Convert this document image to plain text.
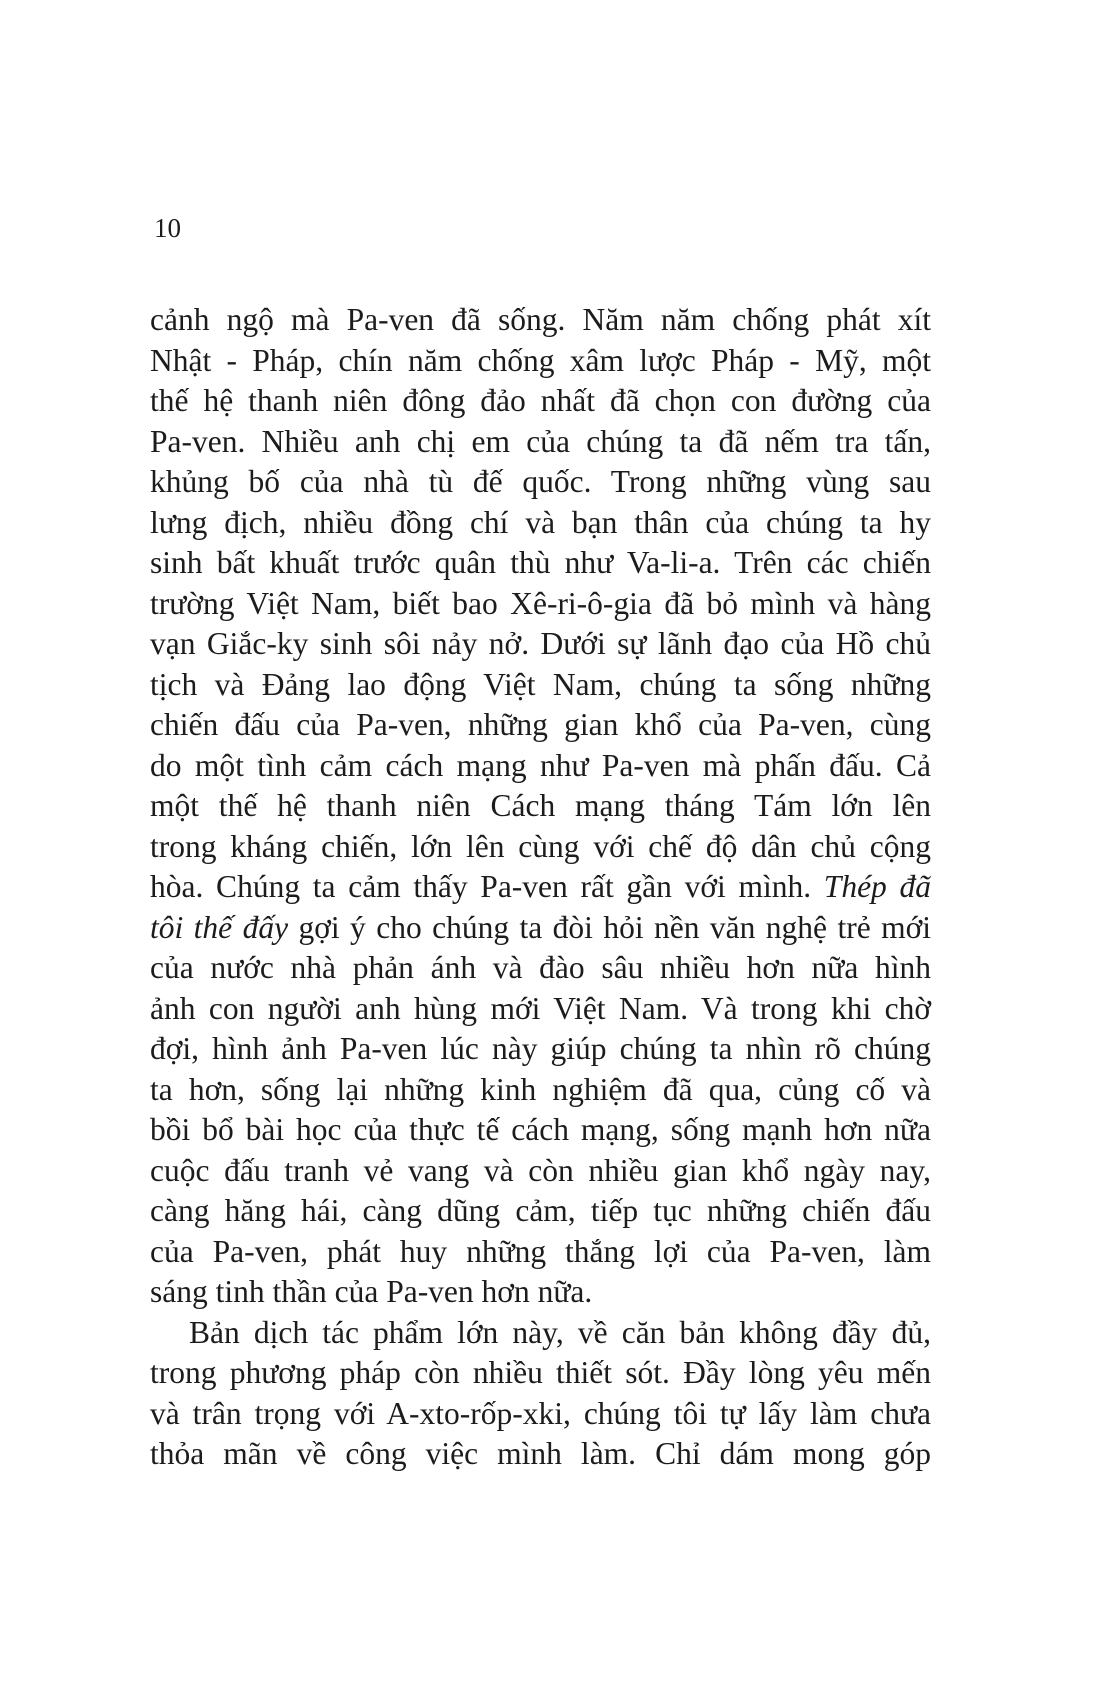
10

cảnh ngộ mà Pa-ven đã sống. Năm năm chống phát xít
Nhật - Pháp, chín năm chống xâm lược Pháp - Mỹ, một
thế hệ thanh niên đông đảo nhất đã chọn con đường của
Pa-ven. Nhiều anh chị em của chúng ta đã nếm tra tấn,
khủng bố của nhà tù đế quốc. Trong những vùng sau
lưng địch, nhiều đồng chí và bạn thân của chúng ta hy
sinh bất khuất trước quân thù như Va-li-a. Trên các chiến
trường Việt Nam, biết bao Xê-ri-ô-gia đã bỏ mình và hàng
vạn Giắc-ky sinh sôi nảy nở. Dưới sự lãnh đạo của Hồ chủ
tịch và Đảng lao động Việt Nam, chúng ta sống những
chiến đấu của Pa-ven, những gian khổ của Pa-ven, cùng
do một tình cảm cách mạng như Pa-ven mà phấn đấu. Cả
một thế hệ thanh niên Cách mạng tháng Tám lớn lên
trong kháng chiến, lớn lên cùng với chế độ dân chủ cộng
hòa. Chúng ta cảm thấy Pa-ven rất gần với mình. Thép đã
tôi thế đấy gợi ý cho chúng ta đòi hỏi nền văn nghệ trẻ mới
của nước nhà phản ánh và đào sâu nhiều hơn nữa hình
ảnh con người anh hùng mới Việt Nam. Và trong khi chờ
đợi, hình ảnh Pa-ven lúc này giúp chúng ta nhìn rõ chúng
ta hơn, sống lại những kinh nghiệm đã qua, củng cố và
bồi bổ bài học của thực tế cách mạng, sống mạnh hơn nữa
cuộc đấu tranh vẻ vang và còn nhiều gian khổ ngày nay,
càng hăng hái, càng dũng cảm, tiếp tục những chiến đấu
của Pa-ven, phát huy những thắng lợi của Pa-ven, làm
sáng tinh thần của Pa-ven hơn nữa.

Bản dịch tác phẩm lớn này, về căn bản không đầy đủ,
trong phương pháp còn nhiều thiết sót. Đầy lòng yêu mến
và trân trọng với A-xto-rốp-xki, chúng tôi tự lấy làm chưa
thỏa mãn về công việc mình làm. Chỉ dám mong góp
